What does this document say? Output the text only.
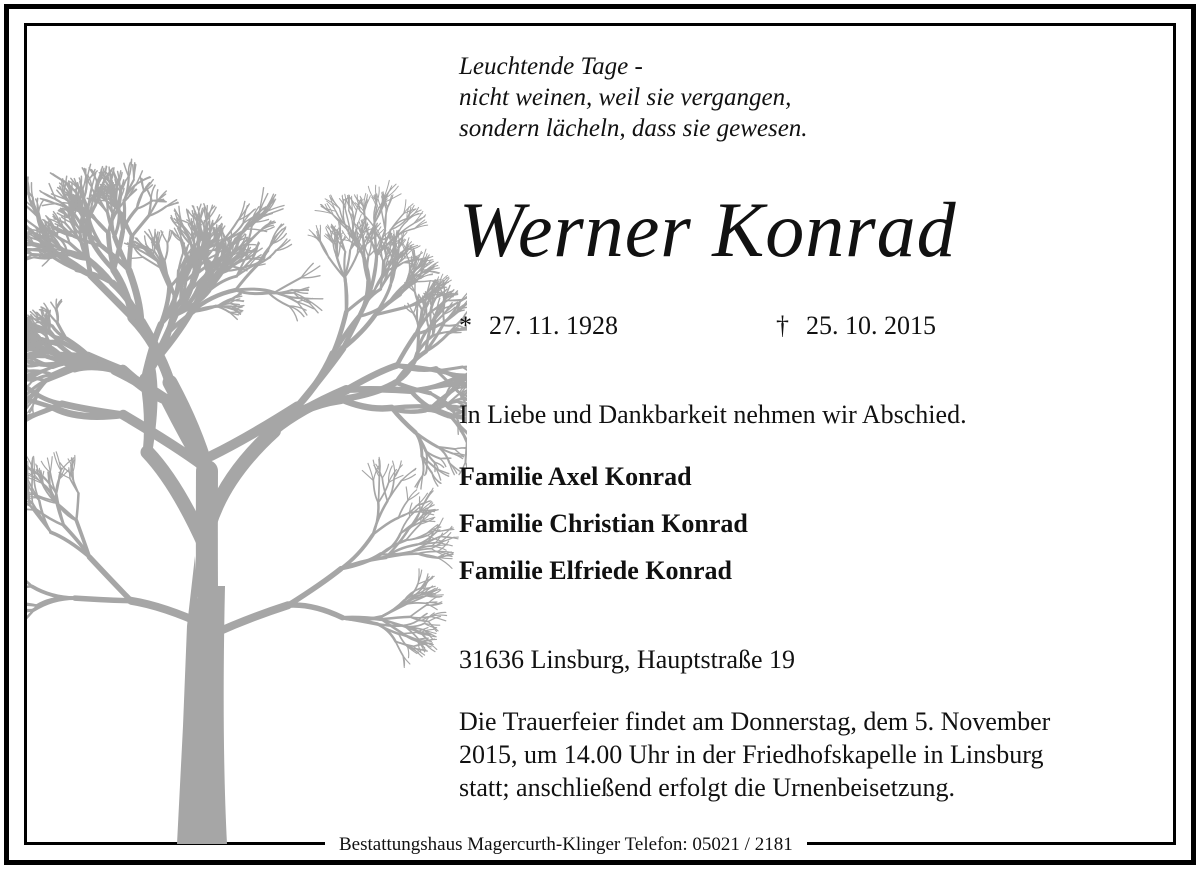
Leuchtende Tage -
nicht weinen, weil sie vergangen,
sondern lächeln, dass sie gewesen.
Werner Konrad
* 27. 11. 1928	† 25. 10. 2015
In Liebe und Dankbarkeit nehmen wir Abschied.
Familie Axel Konrad
Familie Christian Konrad
Familie Elfriede Konrad
31636 Linsburg, Hauptstraße 19
Die Trauerfeier findet am Donnerstag, dem 5. November
2015, um 14.00 Uhr in der Friedhofskapelle in Linsburg
statt; anschließend erfolgt die Urnenbeisetzung.
Bestattungshaus Magercurth-Klinger Telefon: 05021 / 2181
